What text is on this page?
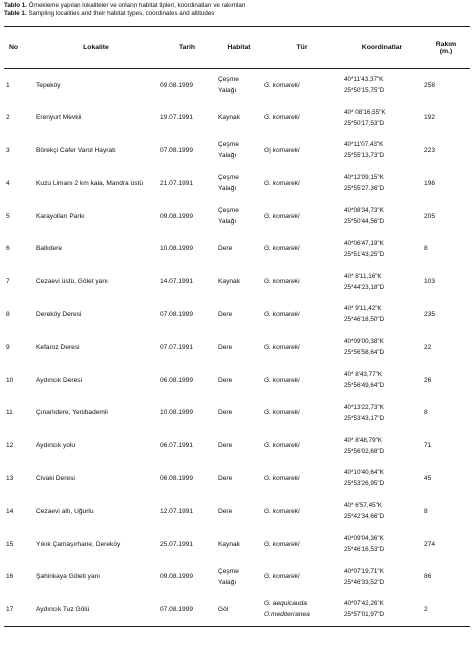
Tablo 1. Örnekleme yapılan lokaliteler ve onların habitat tipleri, koordinatları ve rakımları
Table 1. Sampling localities and their habitat types, coordinates and altitudes
No	Lokalite	Tarih	Habitat	Tür	Koordinatlar	Rakım
(m.)

1	Tepeköy	09.08.1999	Çeşme
Yalağı	G. komareki	40*11'43,37"K
25*50'15,75"D	258
2	Erenyurt Mevkii	19.07.1991	Kaynak	G. komareki	40* 08'16,55"K
25*50'17,53"D	192
3	Börekçi Cafer Varol Hayratı	07.08.1999	Çeşme
Yalağı	G| komareki	40*11'07,43"K
25*55'13,73"D	223
4	Kuzu Limanı 2 km kala, Mandra üstü	21.07.1991	Çeşme
Yalağı	G. komareki	40*12'09,15"K
25*55'27,36"D	196
5	Karayolları Parkı	09.08.1999	Çeşme
Yalağı	G. komareki	40*08'34,73"K
25*50'44,56"D	205
6	Ballıdere	10.08.1999	Dere	G. komareki	40*06'47,19"K
25*51'43,25"D	8
7	Cezaevi üstü, Gölet yanı	14.07.1991	Kaynak	G. komareki	40* 8'11,16"K
25*44'23,18"D	103
8	Dereköy Deresi	07.08.1999	Dere	G. komareki	40* 9'11,42"K
25*46'18,50"D	235
9	Kefaroz Deresi	07.07.1991	Dere	G. komareki	40*09'00,38"K
25*56'58,64"D	22
10	Aydıncık Deresi	06.08.1999	Dere	G. komareki	40* 8'43,77"K
25*56'49,64"D	26
11	Çınarlıdere, Yenibademli	10.08.1999	Dere	G. komareki	40*13'22,73"K
25*53'43,17"D	8
12	Aydıncık yolu	06.07.1991	Dere	G. komareki	40* 8'48,79"K
25*56'02,68"D	71
13	Civaki Deresi	06.08.1999	Dere	G. komareki	40*10'40,64"K
25*53'26,95"D	45
14	Cezaevi altı, Uğurlu	12.07.1991	Dere	G. komareki	40* 6'57,45"K
25*42'34,66"D	8
15	Yıkık Çamaşırhane, Dereköy	25.07.1991	Kaynak	G. komareki	40*09'04,36"K
25*46'16,53"D	274
16	Şahinkaya Göleti yanı	09.08.1999	Çeşme
Yalağı	G. komareki	40*07'19,71"K
25*46'33,52"D	86
17	Aydıncık Tuz Gölü	07.08.1999	Göl	G. aequicauda
O.mediterranea	40*07'42,26"K
25*57'01,97"D	2
